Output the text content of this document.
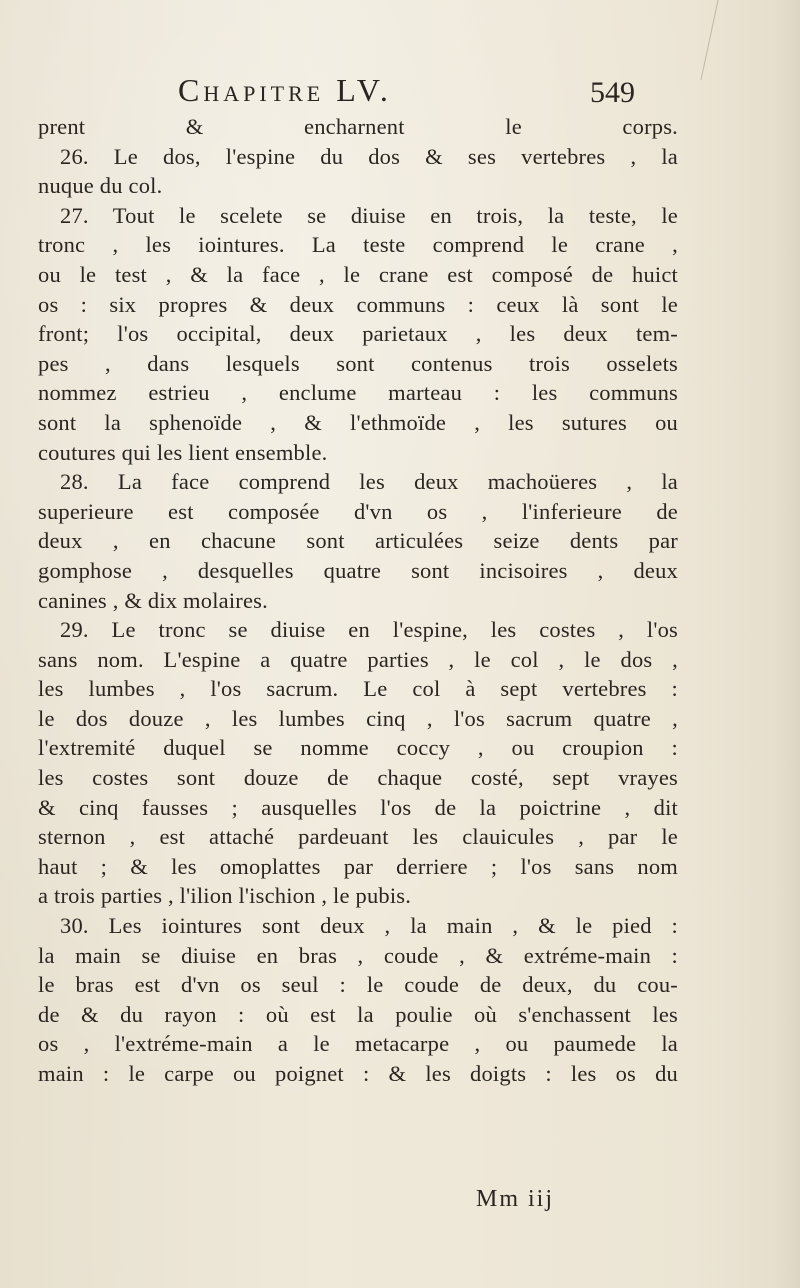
Chapitre LV.	549
prent & encharnent le corps.
26. Le dos, l'espine du dos & ses vertebres , la
nuque du col.
27. Tout le scelete se diuise en trois, la teste, le
tronc , les iointures. La teste comprend le crane ,
ou le test , & la face , le crane est composé de huict
os : six propres & deux communs : ceux là sont le
front; l'os occipital, deux parietaux , les deux tem-
pes , dans lesquels sont contenus trois osselets
nommez estrieu , enclume marteau : les communs
sont la sphenoïde , & l'ethmoïde , les sutures ou
coutures qui les lient ensemble.
28. La face comprend les deux machoüeres , la
superieure est composée d'vn os , l'inferieure de
deux , en chacune sont articulées seize dents par
gomphose , desquelles quatre sont incisoires , deux
canines , & dix molaires.
29. Le tronc se diuise en l'espine, les costes , l'os
sans nom. L'espine a quatre parties , le col , le dos ,
les lumbes , l'os sacrum. Le col à sept vertebres :
le dos douze , les lumbes cinq , l'os sacrum quatre ,
l'extremité duquel se nomme coccy , ou croupion :
les costes sont douze de chaque costé, sept vrayes
& cinq fausses ; ausquelles l'os de la poictrine , dit
sternon , est attaché pardeuant les clauicules , par le
haut ; & les omoplattes par derriere ; l'os sans nom
a trois parties , l'ilion l'ischion , le pubis.
30. Les iointures sont deux , la main , & le pied :
la main se diuise en bras , coude , & extréme-main :
le bras est d'vn os seul : le coude de deux, du cou-
de & du rayon : où est la poulie où s'enchassent les
os , l'extréme-main a le metacarpe , ou paumede la
main : le carpe ou poignet : & les doigts : les os du
Mm iij
